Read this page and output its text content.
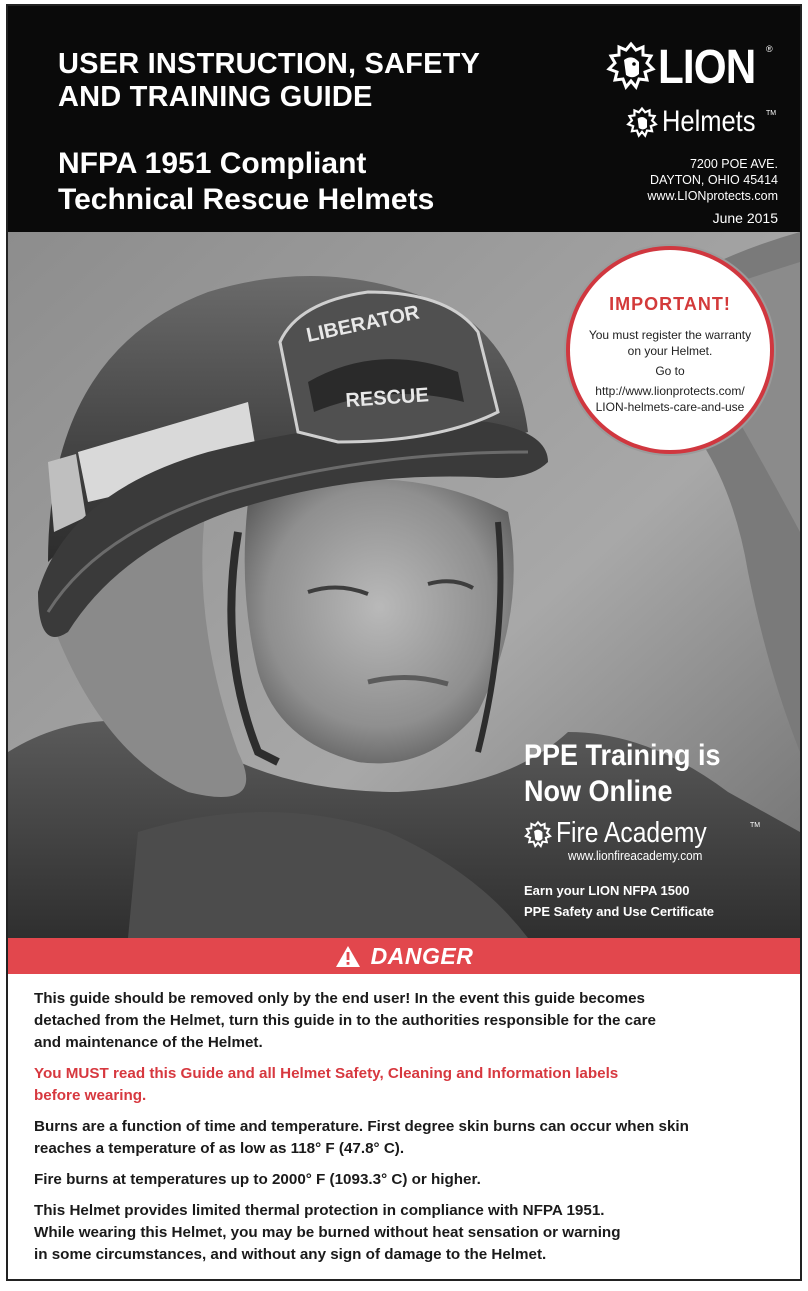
USER INSTRUCTION, SAFETY
AND TRAINING GUIDE
NFPA 1951 Compliant
Technical Rescue Helmets
LION ®
Helmets TM
7200 POE AVE.
DAYTON, OHIO 45414
www.LIONprotects.com
June 2015
LIBERATOR
RESCUE
IMPORTANT!

You must register the warranty
on your Helmet.

Go to

http://www.lionprotects.com/
LION-helmets-care-and-use

PPE Training is
Now Online
Fire Academy	TM
www.lionfireacademy.com
Earn your LION NFPA 1500
PPE Safety and Use Certificate
DANGER

This guide should be removed only by the end user! In the event this guide becomes
detached from the Helmet, turn this guide in to the authorities responsible for the care
and maintenance of the Helmet.

You MUST read this Guide and all Helmet Safety, Cleaning and Information labels
before wearing.

Burns are a function of time and temperature. First degree skin burns can occur when skin
reaches a temperature of as low as 118° F (47.8° C).

Fire burns at temperatures up to 2000° F (1093.3° C) or higher.

This Helmet provides limited thermal protection in compliance with NFPA 1951.
While wearing this Helmet, you may be burned without heat sensation or warning
in some circumstances, and without any sign of damage to the Helmet.
